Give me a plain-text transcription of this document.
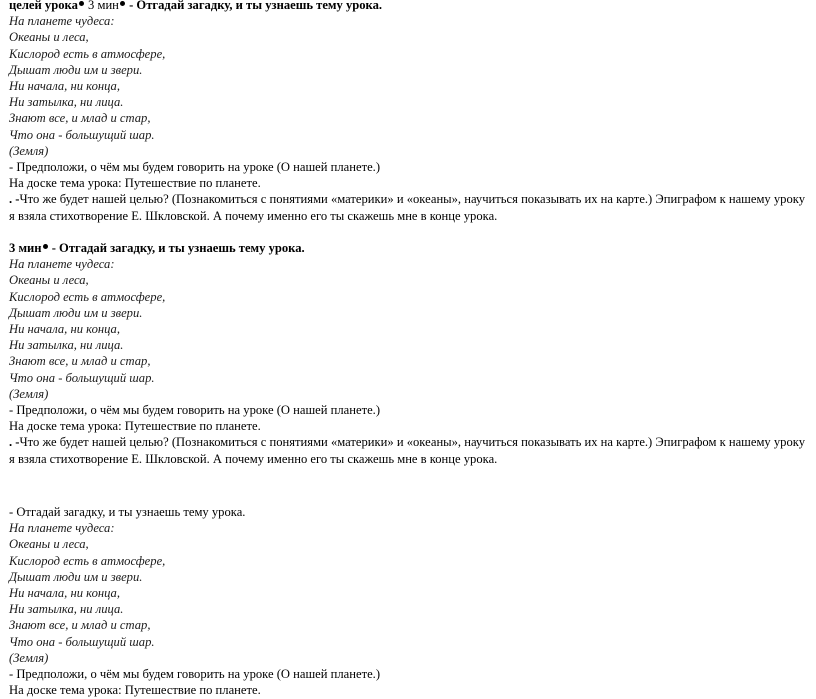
целей урока 3 мин - Отгадай загадку, и ты узнаешь тему урока.
На планете чудеса:
Океаны и леса,
Кислород есть в атмосфере,
Дышат люди им и звери.
Ни начала, ни конца,
Ни затылка, ни лица.
Знают все, и млад и стар,
Что она - большущий шар.
(Земля)
- Предположи, о чём мы будем говорить на уроке (О нашей планете.)
На доске тема урока: Путешествие по планете.
. -Что же будет нашей целью? (Познакомиться с понятиями «материки» и «океаны», научиться показывать их на карте.) Эпиграфом к нашему уроку я взяла стихотворение Е. Шкловской. А почему именно его ты скажешь мне в конце урока.
3 мин - Отгадай загадку, и ты узнаешь тему урока.
На планете чудеса:
Океаны и леса,
Кислород есть в атмосфере,
Дышат люди им и звери.
Ни начала, ни конца,
Ни затылка, ни лица.
Знают все, и млад и стар,
Что она - большущий шар.
(Земля)
- Предположи, о чём мы будем говорить на уроке (О нашей планете.)
На доске тема урока: Путешествие по планете.
. -Что же будет нашей целью? (Познакомиться с понятиями «материки» и «океаны», научиться показывать их на карте.) Эпиграфом к нашему уроку я взяла стихотворение Е. Шкловской. А почему именно его ты скажешь мне в конце урока.
- Отгадай загадку, и ты узнаешь тему урока.
На планете чудеса:
Океаны и леса,
Кислород есть в атмосфере,
Дышат люди им и звери.
Ни начала, ни конца,
Ни затылка, ни лица.
Знают все, и млад и стар,
Что она - большущий шар.
(Земля)
- Предположи, о чём мы будем говорить на уроке (О нашей планете.)
На доске тема урока: Путешествие по планете.
